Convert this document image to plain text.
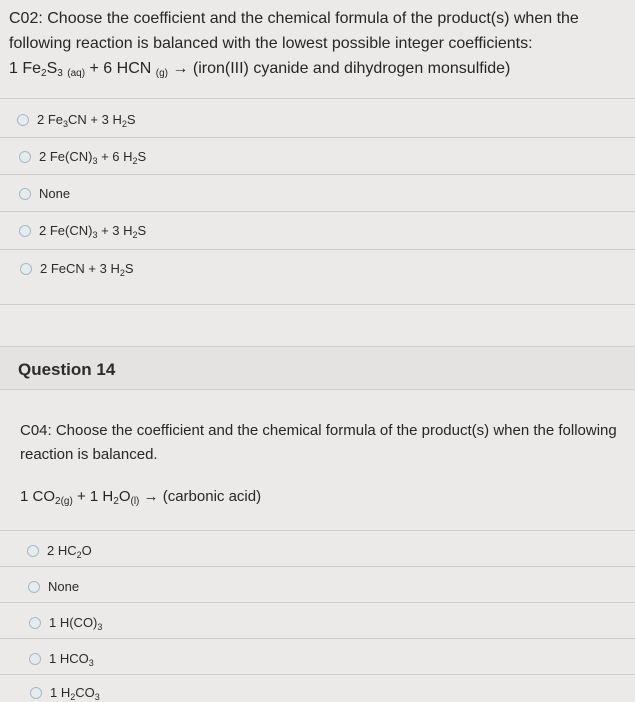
C02: Choose the coefficient and the chemical formula of the product(s) when the following reaction is balanced with the lowest possible integer coefficients:
1 $Fe_2S_3$ $_{(aq)}$ + 6 HCN $_{(g)}$ → (iron(III) cyanide and dihydrogen monsulfide)
2 $Fe_3CN + 3$ $H_2S$
2 $Fe(CN)_3 + 6$ $H_2S$
None
2 $Fe(CN)_3 + 3$ $H_2S$
2 FeCN + 3 $H_2S$
Question 14
C04: Choose the coefficient and the chemical formula of the product(s) when the following reaction is balanced.
1 $CO_{2(g)} + 1$ $H_2O_{(l)}$ → (carbonic acid)
2 $HC_2O$
None
1 $H(CO)_3$
1 $HCO_3$
1 $H_2CO_3$
